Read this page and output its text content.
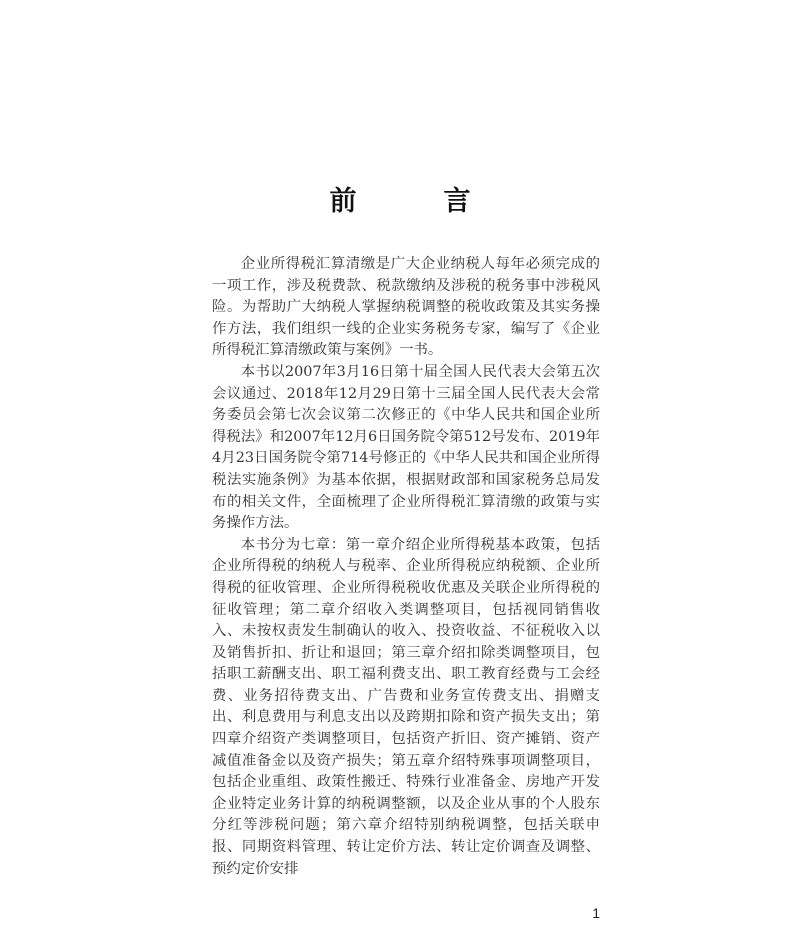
前　言

企业所得税汇算清缴是广大企业纳税人每年必须完成的一项工作，涉及税费款、税款缴纳及涉税的税务事中涉税风险。为帮助广大纳税人掌握纳税调整的税收政策及其实务操作方法，我们组织一线的企业实务税务专家，编写了《企业所得税汇算清缴政策与案例》一书。

本书以2007年3月16日第十届全国人民代表大会第五次会议通过、2018年12月29日第十三届全国人民代表大会常务委员会第七次会议第二次修正的《中华人民共和国企业所得税法》和2007年12月6日国务院令第512号发布、2019年4月23日国务院令第714号修正的《中华人民共和国企业所得税法实施条例》为基本依据，根据财政部和国家税务总局发布的相关文件，全面梳理了企业所得税汇算清缴的政策与实务操作方法。

本书分为七章：第一章介绍企业所得税基本政策，包括企业所得税的纳税人与税率、企业所得税应纳税额、企业所得税的征收管理、企业所得税税收优惠及关联企业所得税的征收管理；第二章介绍收入类调整项目，包括视同销售收入、未按权责发生制确认的收入、投资收益、不征税收入以及销售折扣、折让和退回；第三章介绍扣除类调整项目，包括职工薪酬支出、职工福利费支出、职工教育经费与工会经费、业务招待费支出、广告费和业务宣传费支出、捐赠支出、利息费用与利息支出以及跨期扣除和资产损失支出；第四章介绍资产类调整项目，包括资产折旧、资产摊销、资产减值准备金以及资产损失；第五章介绍特殊事项调整项目，包括企业重组、政策性搬迁、特殊行业准备金、房地产开发企业特定业务计算的纳税调整额，以及企业从事的个人股东分红等涉税问题；第六章介绍特别纳税调整，包括关联申报、同期资料管理、转让定价方法、转让定价调查及调整、预约定价安排

1
